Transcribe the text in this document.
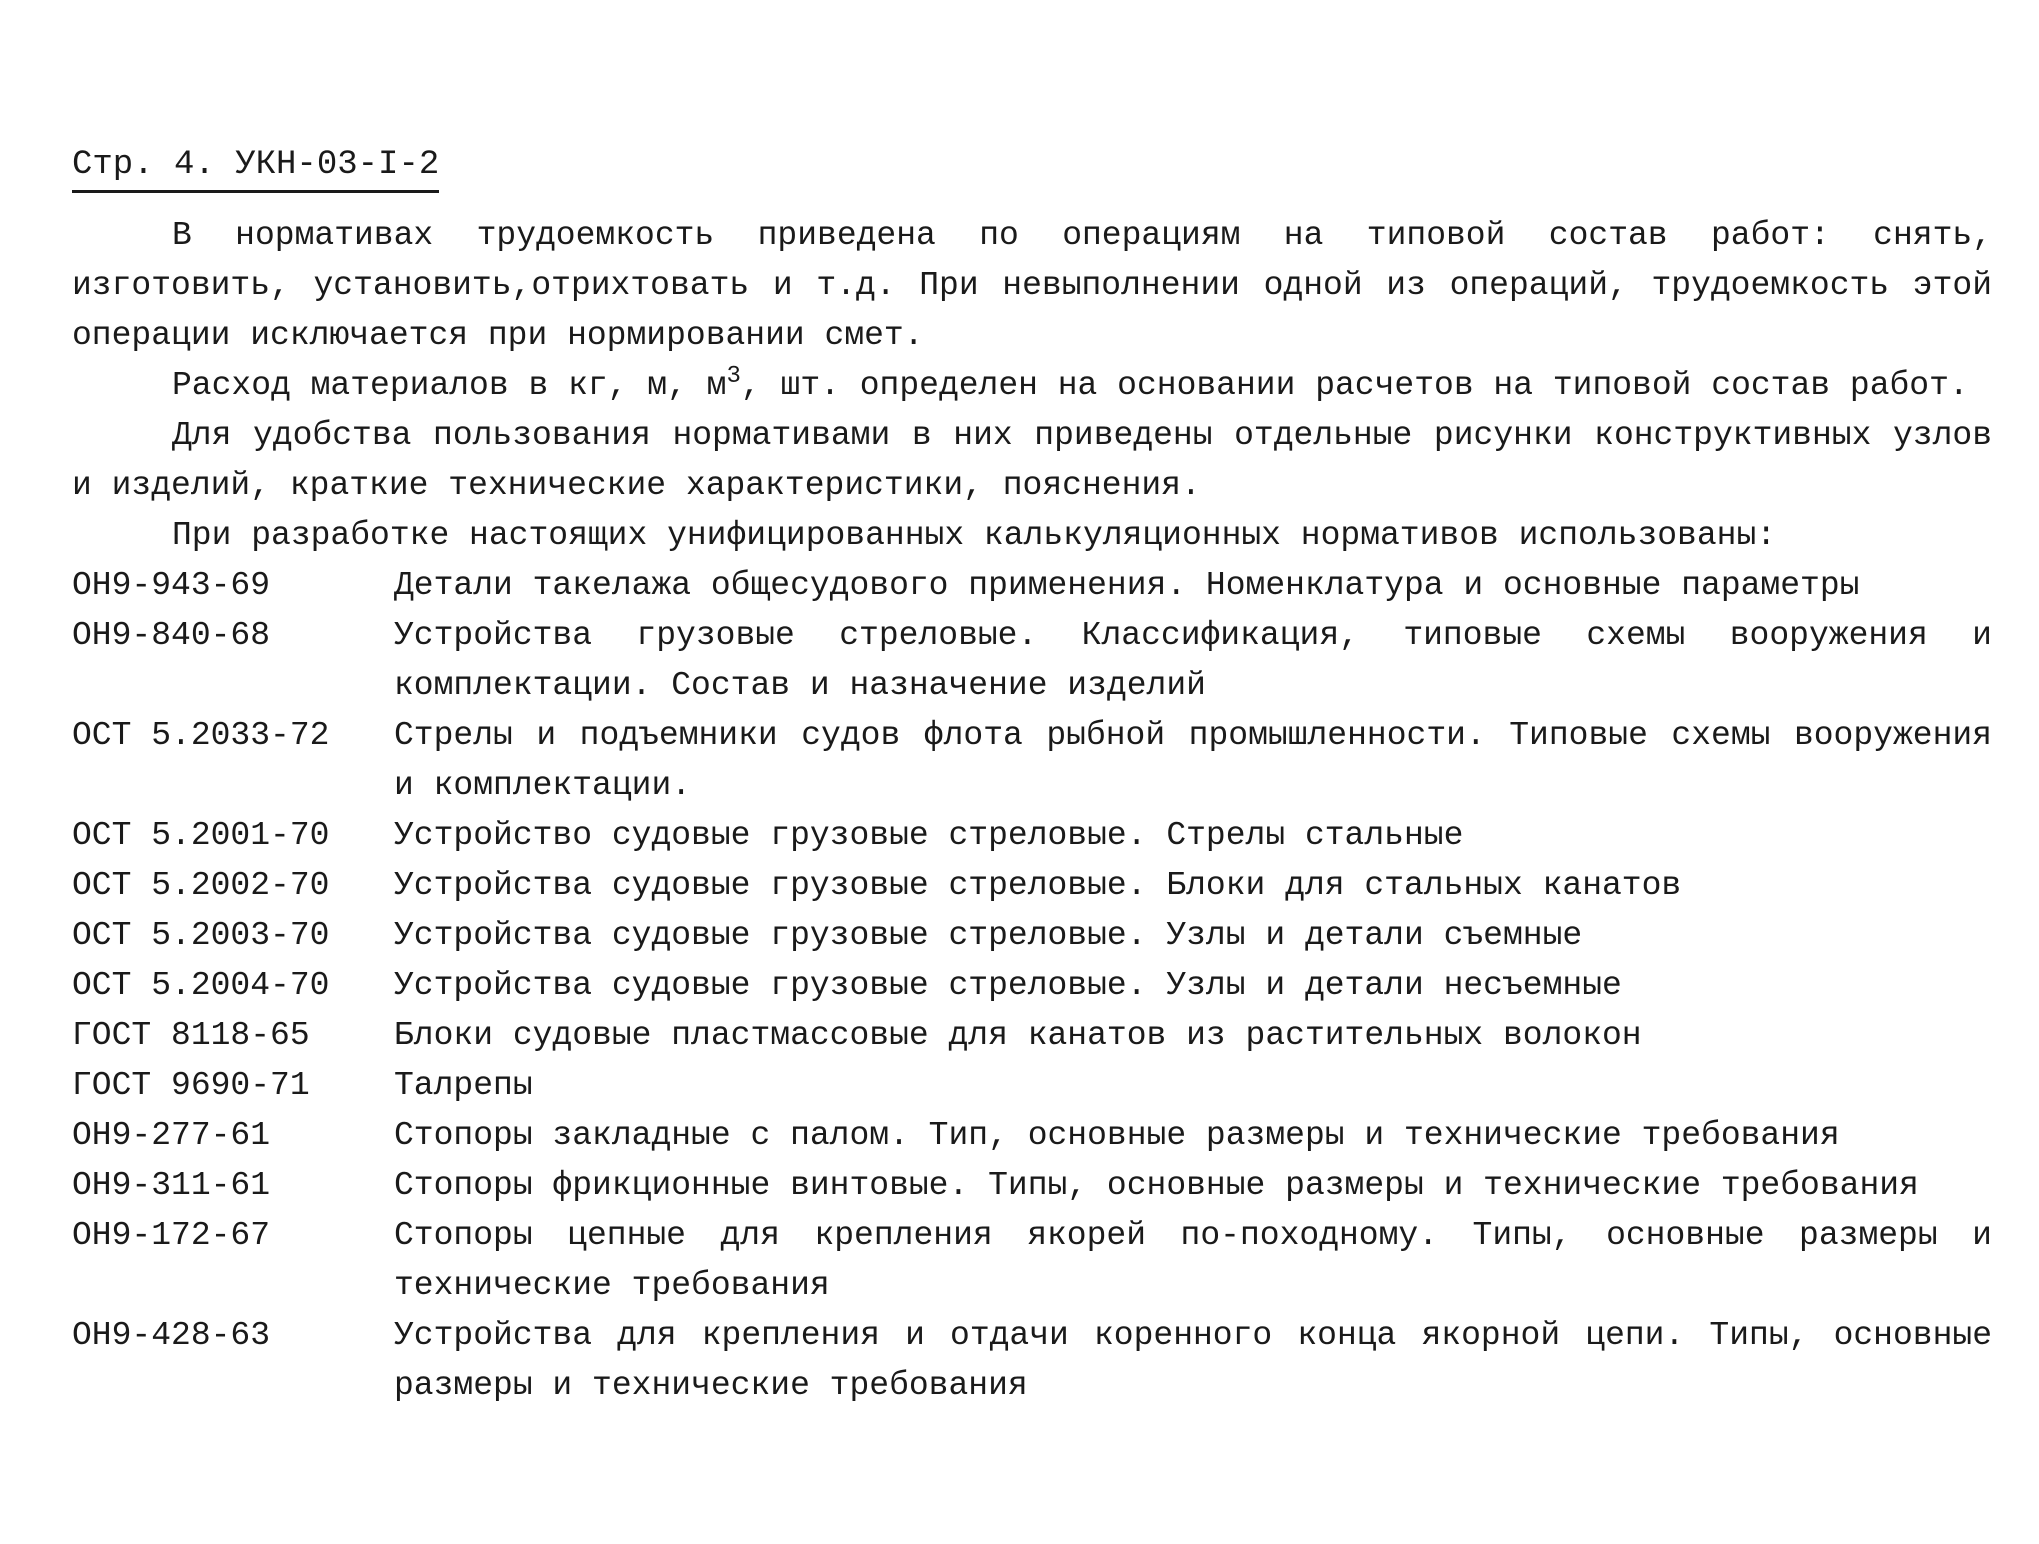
Стр. 4. УКН-03-I-2

В нормативах трудоемкость приведена по операциям на типовой состав работ: снять, изготовить, установить,отрихтовать и т.д. При невыполнении одной из операций, трудоемкость этой операции исключается при нормировании смет.

Расход материалов в кг, м, $м^3$, шт. определен на основании расчетов на типовой состав работ.

Для удобства пользования нормативами в них приведены отдельные рисунки конструктивных узлов и изделий, краткие технические характеристики, пояснения.

При разработке настоящих унифицированных калькуляционных нормативов использованы:

ОН9-943-69	Детали такелажа общесудового применения. Номенклатура и основные параметры
ОН9-840-68	Устройства грузовые стреловые. Классификация, типовые схемы вооружения и комплектации. Состав и назначение изделий
ОСТ 5.2033-72	Стрелы и подъемники судов флота рыбной промышленности. Типовые схемы вооружения и комплектации.
ОСТ 5.2001-70	Устройство судовые грузовые стреловые. Стрелы стальные
ОСТ 5.2002-70	Устройства судовые грузовые стреловые. Блоки для стальных канатов
ОСТ 5.2003-70	Устройства судовые грузовые стреловые. Узлы и детали съемные
ОСТ 5.2004-70	Устройства судовые грузовые стреловые. Узлы и детали несъемные
ГОСТ 8118-65	Блоки судовые пластмассовые для канатов из растительных волокон
ГОСТ 9690-71	Талрепы
ОН9-277-61	Стопоры закладные с палом. Тип, основные размеры и технические требования
ОН9-311-61	Стопоры фрикционные винтовые. Типы, основные размеры и технические требования
ОН9-172-67	Стопоры цепные для крепления якорей по-походному. Типы, основные размеры и технические требования
ОН9-428-63	Устройства для крепления и отдачи коренного конца якорной цепи. Типы, основные размеры и технические требования
